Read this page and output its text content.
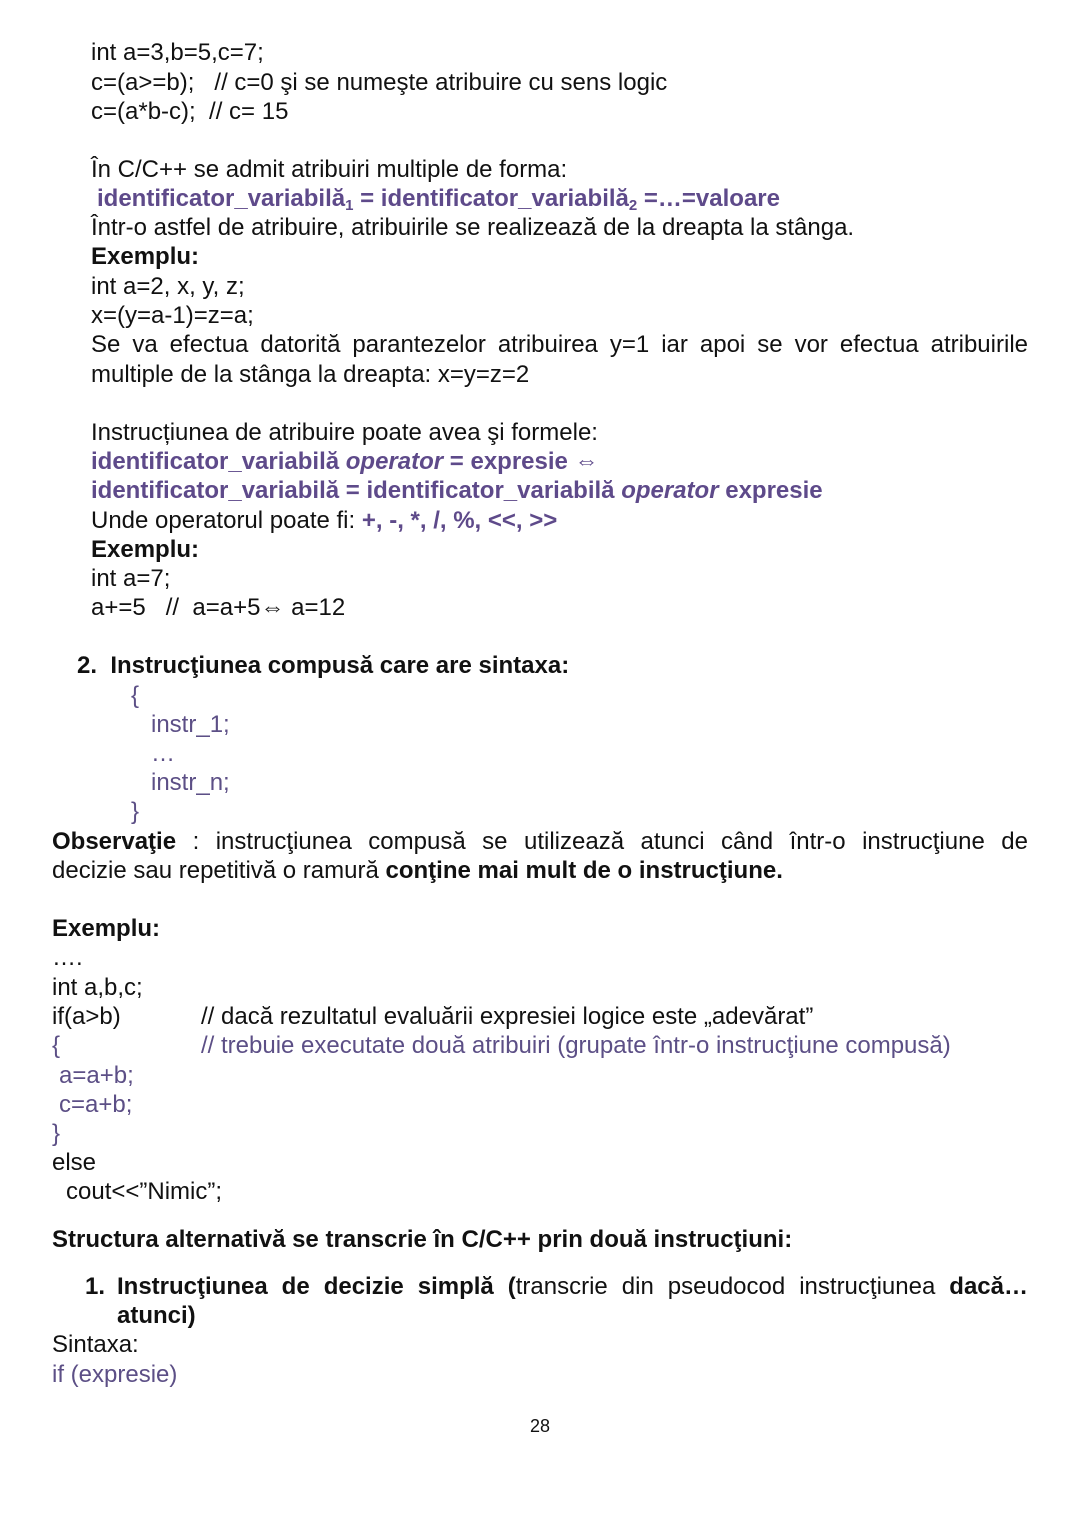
int a=3,b=5,c=7;
c=(a>=b);   // c=0 şi se numeşte atribuire cu sens logic
c=(a*b-c);  // c= 15
În C/C++ se admit atribuiri multiple de forma:
identificator_variabilă$_1$ = identificator_variabilă$_2$ =…=valoare
Într-o astfel de atribuire, atribuirile se realizează de la dreapta la stânga.
Exemplu:
int a=2, x, y, z;
x=(y=a-1)=z=a;
Se va efectua datorită parantezelor atribuirea y=1 iar apoi se vor efectua atribuirile
multiple de la stânga la dreapta: x=y=z=2
Instrucțiunea de atribuire poate avea şi formele:
identificator_variabilă operator = expresie ⇔
identificator_variabilă = identificator_variabilă operator expresie
Unde operatorul poate fi: +, -, *, /, %, <<, >>
Exemplu:
int a=7;
a+=5   //  a=a+5⇔ a=12
2.  Instrucţiunea compusă care are sintaxa:
{
instr_1;
…
instr_n;
}
Observaţie : instrucţiunea compusă se utilizează atunci când într-o instrucţiune de
decizie sau repetitivă o ramură conţine mai mult de o instrucţiune.
Exemplu:
….
int a,b,c;
if(a>b)	// dacă rezultatul evaluării expresiei logice este „adevărat”
{	// trebuie executate două atribuiri (grupate într-o instrucţiune compusă)
a=a+b;
c=a+b;
}
else
cout<<”Nimic”;
Structura alternativă se transcrie în C/C++ prin două instrucţiuni:
1. Instrucţiunea de decizie simplă (transcrie din pseudocod instrucţiunea dacă…
atunci)
Sintaxa:
if (expresie)
28
